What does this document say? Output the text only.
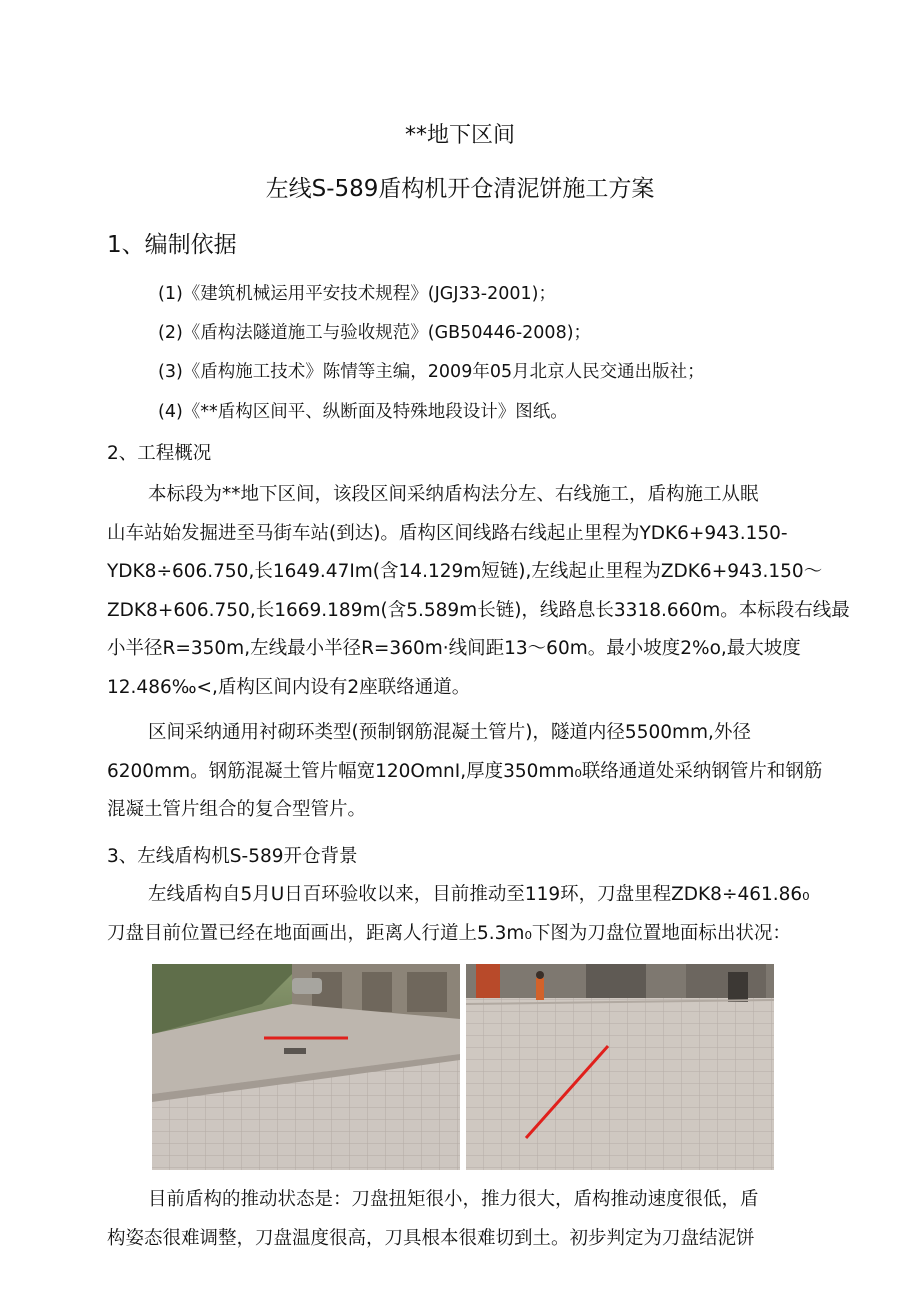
**地下区间
左线S-589盾构机开仓清泥饼施工方案
1、编制依据
(1)《建筑机械运用平安技术规程》(JGJ33-2001)；
(2)《盾构法隧道施工与验收规范》(GB50446-2008)；
(3)《盾构施工技术》陈情等主编，2009年05月北京人民交通出版社；
(4)《**盾构区间平、纵断面及特殊地段设计》图纸。
2、工程概况
本标段为**地下区间，该段区间采纳盾构法分左、右线施工，盾构施工从眠
山车站始发掘进至马街车站(到达)。盾构区间线路右线起止里程为YDK6+943.150-
YDK8÷606.750,长1649.47Im(含14.129m短链),左线起止里程为ZDK6+943.150～
ZDK8+606.750,长1669.189m(含5.589m长链)，线路息长3318.660m。本标段右线最
小半径R=350m,左线最小半径R=360m·线间距13～60m。最小坡度2%o,最大坡度
12.486‰<,盾构区间内设有2座联络通道。
区间采纳通用衬砌环类型(预制钢筋混凝土管片)，隧道内径5500mm,外径
6200mm。钢筋混凝土管片幅宽120OmnI,厚度350mm₀联络通道处采纳钢管片和钢筋
混凝土管片组合的复合型管片。
3、左线盾构机S-589开仓背景
左线盾构自5月U日百环验收以来，目前推动至119环，刀盘里程ZDK8÷461.86₀
刀盘目前位置已经在地面画出，距离人行道上5.3m₀下图为刀盘位置地面标出状况：
目前盾构的推动状态是：刀盘扭矩很小，推力很大，盾构推动速度很低，盾
构姿态很难调整，刀盘温度很高，刀具根本很难切到土。初步判定为刀盘结泥饼
